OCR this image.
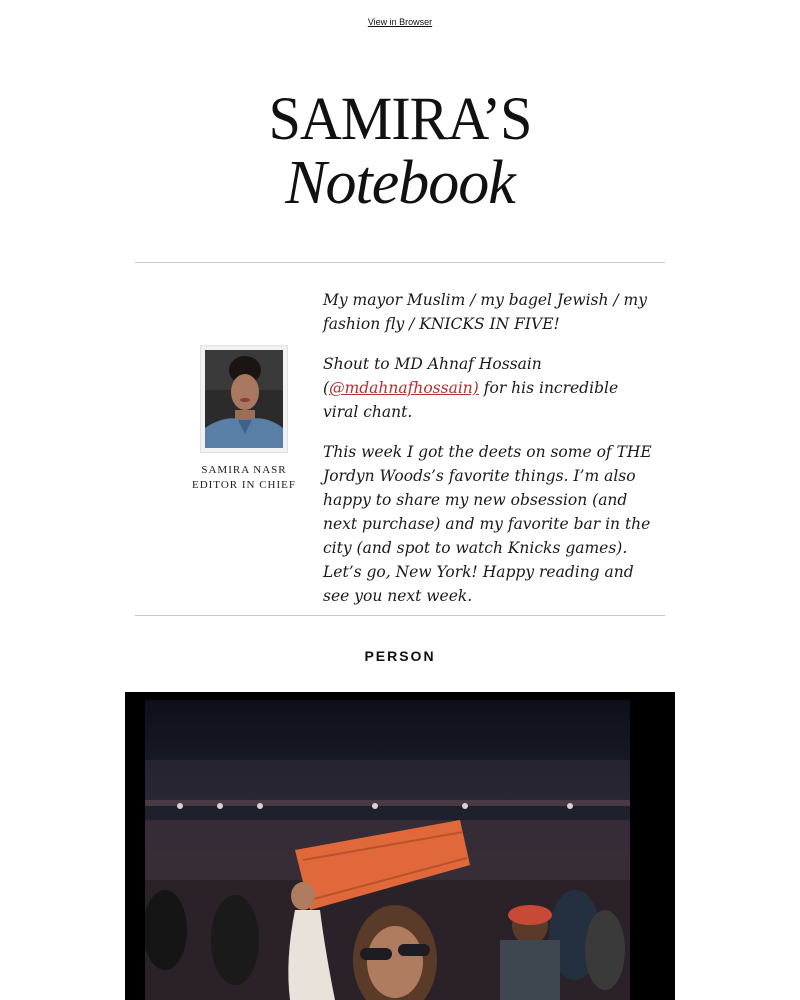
View in Browser
SAMIRA’S
Notebook
SAMIRA NASR
EDITOR IN CHIEF

My mayor Muslim / my bagel Jewish / my fashion fly / KNICKS IN FIVE!

Shout to MD Ahnaf Hossain (@mdahnafhossain) for his incredible viral chant.

This week I got the deets on some of THE Jordyn Woods’s favorite things. I’m also happy to share my new obsession (and next purchase) and my favorite bar in the city (and spot to watch Knicks games). Let’s go, New York! Happy reading and see you next week.

PERSON
